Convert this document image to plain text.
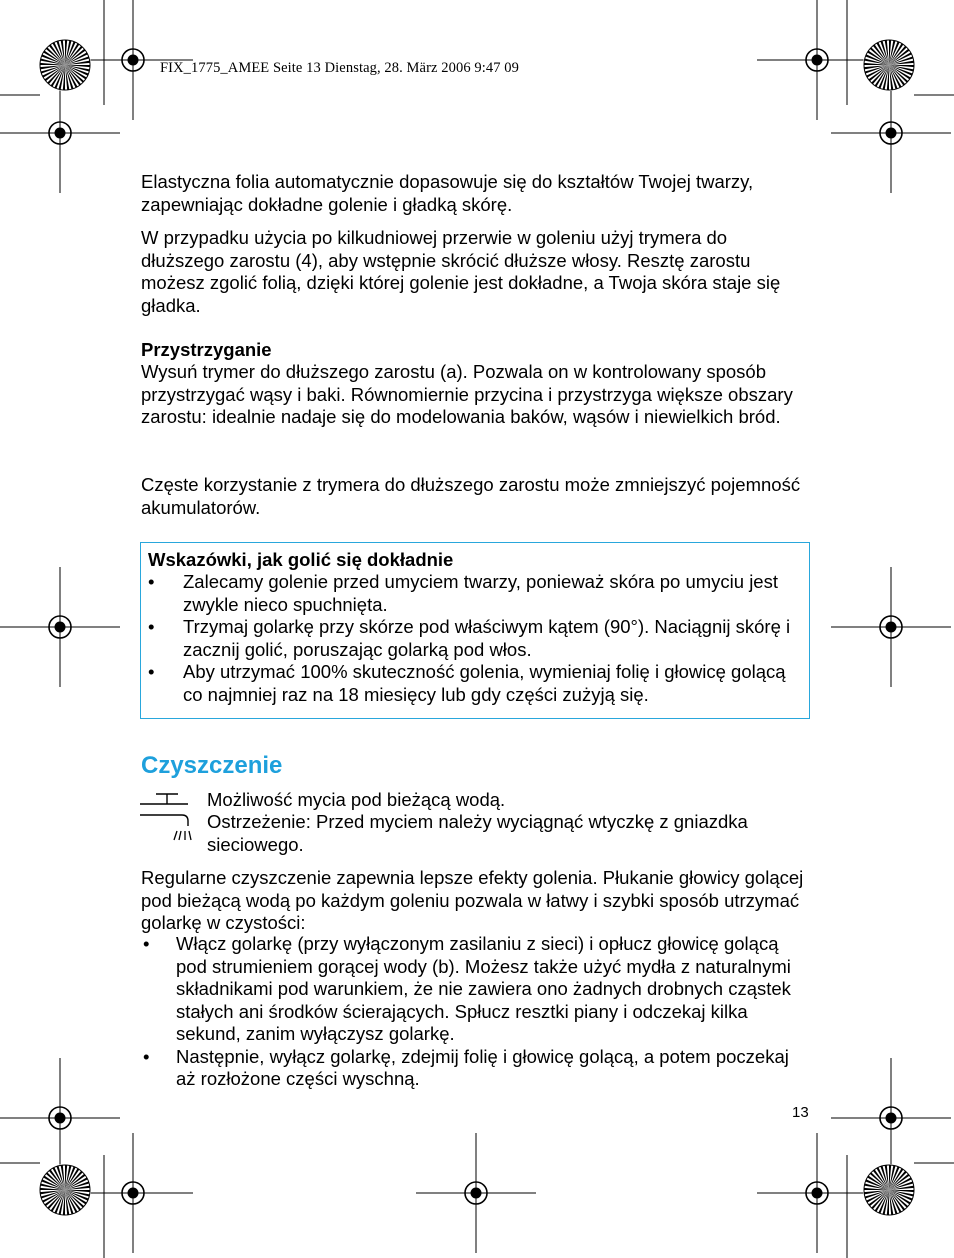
FIX_1775_AMEE Seite 13 Dienstag, 28. März 2006 9:47 09

Elastyczna folia automatycznie dopasowuje się do kształtów Twojej twarzy, zapewniając dokładne golenie i gładką skórę.

W przypadku użycia po kilkudniowej przerwie w goleniu użyj trymera do dłuższego zarostu (4), aby wstępnie skrócić dłuższe włosy. Resztę zarostu możesz zgolić folią, dzięki której golenie jest dokładne, a Twoja skóra staje się gładka.

Przystrzyganie

Wysuń trymer do dłuższego zarostu (a). Pozwala on w kontrolowany sposób przystrzygać wąsy i baki. Równomiernie przycina i przystrzyga większe obszary zarostu: idealnie nadaje się do modelowania baków, wąsów i niewielkich bród.

Częste korzystanie z trymera do dłuższego zarostu może zmniejszyć pojemność akumulatorów.

Wskazówki, jak golić się dokładnie
• Zalecamy golenie przed umyciem twarzy, ponieważ skóra po umyciu jest zwykle nieco spuchnięta.
• Trzymaj golarkę przy skórze pod właściwym kątem (90°). Naciągnij skórę i zacznij golić, poruszając golarką pod włos.
• Aby utrzymać 100% skuteczność golenia, wymieniaj folię i głowicę golącą co najmniej raz na 18 miesięcy lub gdy części zużyją się.
Czyszczenie

Możliwość mycia pod bieżącą wodą.

Ostrzeżenie: Przed myciem należy wyciągnąć wtyczkę z gniazdka sieciowego.

Regularne czyszczenie zapewnia lepsze efekty golenia. Płukanie głowicy golącej pod bieżącą wodą po każdym goleniu pozwala w łatwy i szybki sposób utrzymać golarkę w czystości:

• Włącz golarkę (przy wyłączonym zasilaniu z sieci) i opłucz głowicę golącą pod strumieniem gorącej wody (b). Możesz także użyć mydła z naturalnymi składnikami pod warunkiem, że nie zawiera ono żadnych drobnych cząstek stałych ani środków ścierających. Spłucz resztki piany i odczekaj kilka sekund, zanim wyłączysz golarkę.
• Następnie, wyłącz golarkę, zdejmij folię i głowicę golącą, a potem poczekaj aż rozłożone części wyschną.
13
